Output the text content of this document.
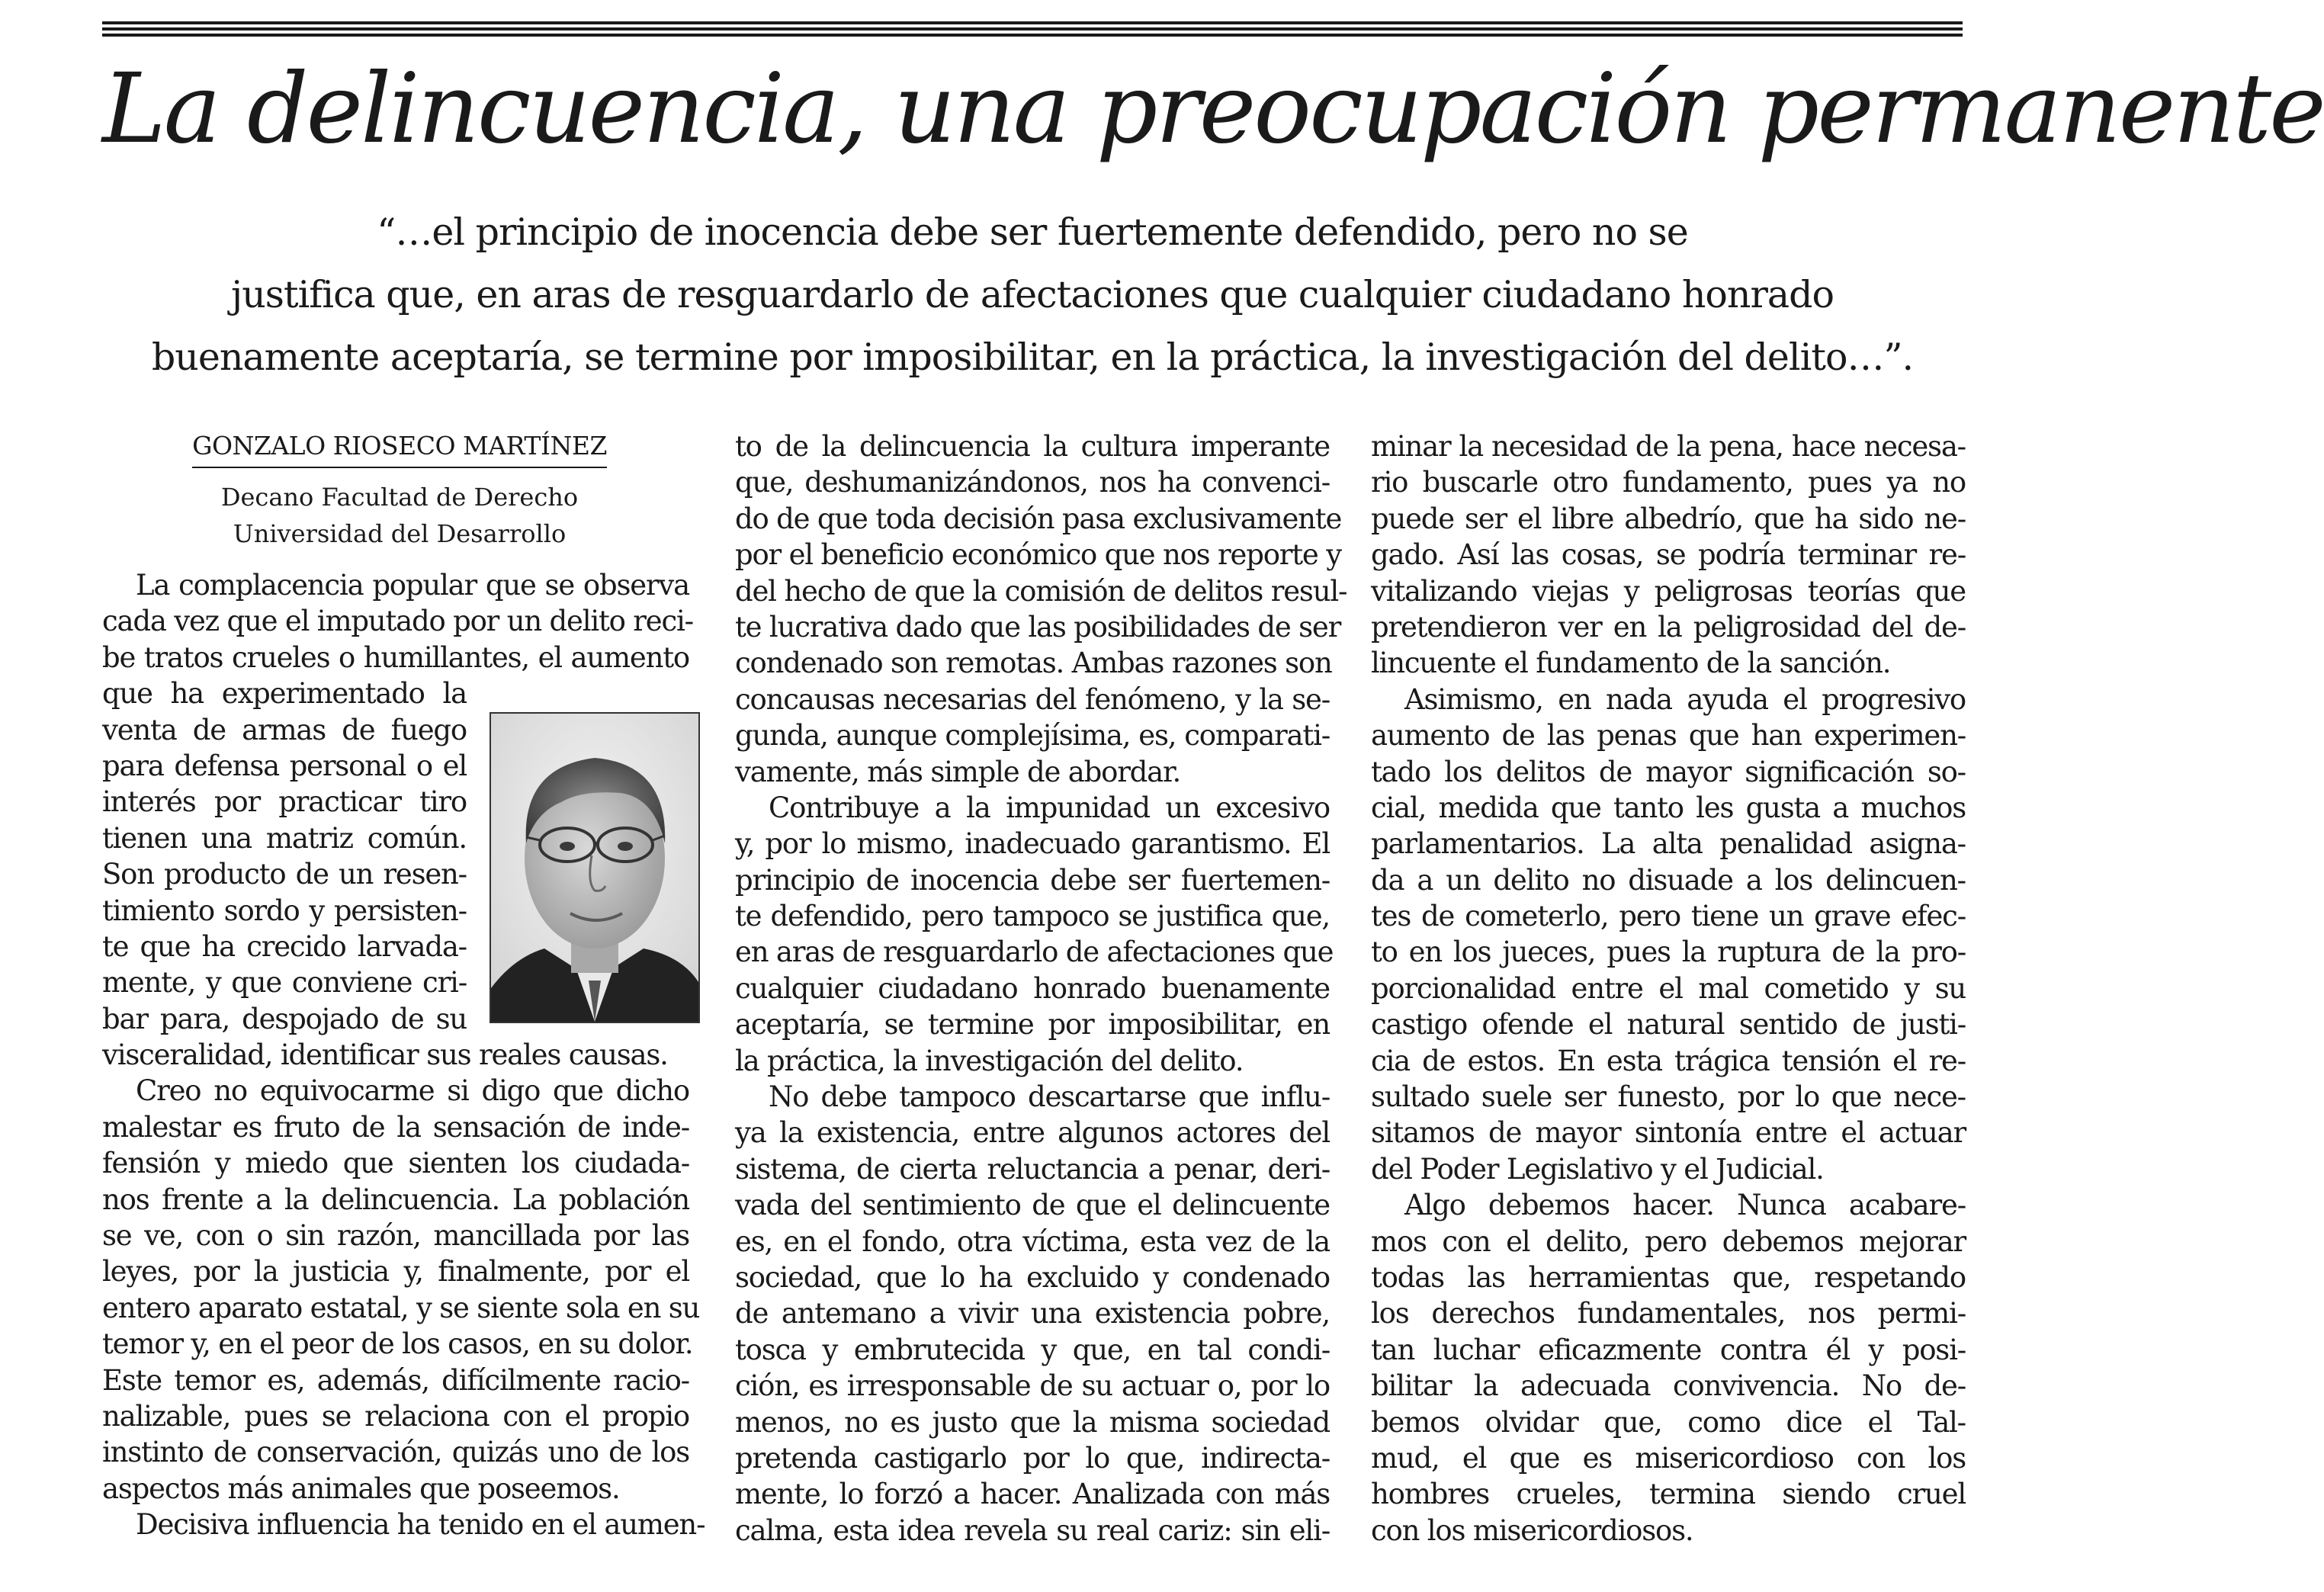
La delincuencia, una preocupación permanente
“…el principio de inocencia debe ser fuertemente defendido, pero no se
justifica que, en aras de resguardarlo de afectaciones que cualquier ciudadano honrado
buenamente aceptaría, se termine por imposibilitar, en la práctica, la investigación del delito…”.
GONZALO RIOSECO MARTÍNEZ
Decano Facultad de Derecho
Universidad del Desarrollo
La complacencia popular que se observa
cada vez que el imputado por un delito reci-
be tratos crueles o humillantes, el aumento
que ha experimentado la
venta de armas de fuego
para defensa personal o el
interés por practicar tiro
tienen una matriz común.
Son producto de un resen-
timiento sordo y persisten-
te que ha crecido larvada-
mente, y que conviene cri-
bar para, despojado de su
visceralidad, identificar sus reales causas.
Creo no equivocarme si digo que dicho
malestar es fruto de la sensación de inde-
fensión y miedo que sienten los ciudada-
nos frente a la delincuencia. La población
se ve, con o sin razón, mancillada por las
leyes, por la justicia y, finalmente, por el
entero aparato estatal, y se siente sola en su
temor y, en el peor de los casos, en su dolor.
Este temor es, además, difícilmente racio-
nalizable, pues se relaciona con el propio
instinto de conservación, quizás uno de los
aspectos más animales que poseemos.
Decisiva influencia ha tenido en el aumen-
to de la delincuencia la cultura imperante
que, deshumanizándonos, nos ha convenci-
do de que toda decisión pasa exclusivamente
por el beneficio económico que nos reporte y
del hecho de que la comisión de delitos resul-
te lucrativa dado que las posibilidades de ser
condenado son remotas. Ambas razones son
concausas necesarias del fenómeno, y la se-
gunda, aunque complejísima, es, comparati-
vamente, más simple de abordar.
Contribuye a la impunidad un excesivo
y, por lo mismo, inadecuado garantismo. El
principio de inocencia debe ser fuertemen-
te defendido, pero tampoco se justifica que,
en aras de resguardarlo de afectaciones que
cualquier ciudadano honrado buenamente
aceptaría, se termine por imposibilitar, en
la práctica, la investigación del delito.
No debe tampoco descartarse que influ-
ya la existencia, entre algunos actores del
sistema, de cierta reluctancia a penar, deri-
vada del sentimiento de que el delincuente
es, en el fondo, otra víctima, esta vez de la
sociedad, que lo ha excluido y condenado
de antemano a vivir una existencia pobre,
tosca y embrutecida y que, en tal condi-
ción, es irresponsable de su actuar o, por lo
menos, no es justo que la misma sociedad
pretenda castigarlo por lo que, indirecta-
mente, lo forzó a hacer. Analizada con más
calma, esta idea revela su real cariz: sin eli-
minar la necesidad de la pena, hace necesa-
rio buscarle otro fundamento, pues ya no
puede ser el libre albedrío, que ha sido ne-
gado. Así las cosas, se podría terminar re-
vitalizando viejas y peligrosas teorías que
pretendieron ver en la peligrosidad del de-
lincuente el fundamento de la sanción.
Asimismo, en nada ayuda el progresivo
aumento de las penas que han experimen-
tado los delitos de mayor significación so-
cial, medida que tanto les gusta a muchos
parlamentarios. La alta penalidad asigna-
da a un delito no disuade a los delincuen-
tes de cometerlo, pero tiene un grave efec-
to en los jueces, pues la ruptura de la pro-
porcionalidad entre el mal cometido y su
castigo ofende el natural sentido de justi-
cia de estos. En esta trágica tensión el re-
sultado suele ser funesto, por lo que nece-
sitamos de mayor sintonía entre el actuar
del Poder Legislativo y el Judicial.
Algo debemos hacer. Nunca acabare-
mos con el delito, pero debemos mejorar
todas las herramientas que, respetando
los derechos fundamentales, nos permi-
tan luchar eficazmente contra él y posi-
bilitar la adecuada convivencia. No de-
bemos olvidar que, como dice el Tal-
mud, el que es misericordioso con los
hombres crueles, termina siendo cruel
con los misericordiosos.
